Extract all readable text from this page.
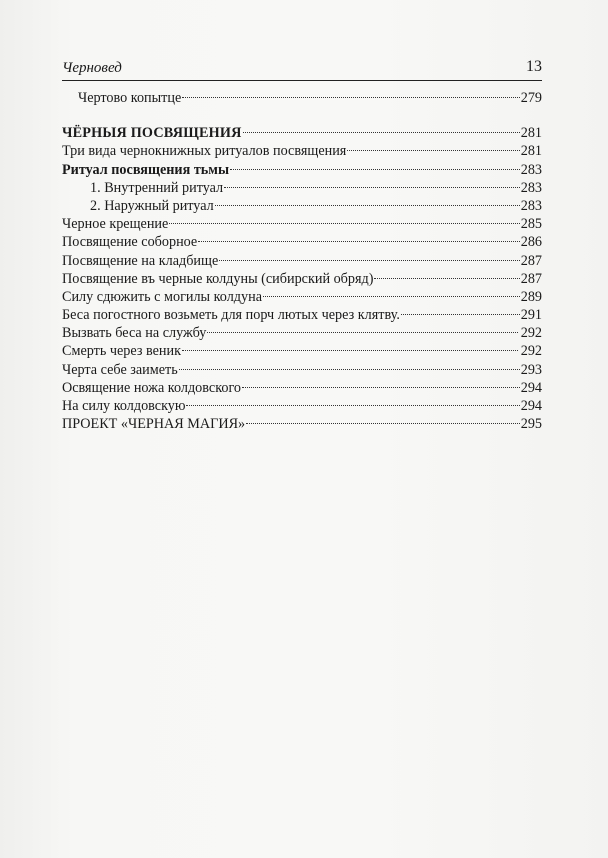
Черновед	13
Чертово копытце	279
ЧЁРНЫЯ ПОСВЯЩЕНИЯ	281
Три вида чернокнижных ритуалов посвящения	281
Ритуал посвящения тьмы	283
1. Внутренний ритуал	283
2. Наружный ритуал	283
Черное крещение	285
Посвящение соборное	286
Посвящение на кладбище	287
Посвящение въ черные колдуны (сибирский обряд)	287
Силу сдюжить с могилы колдуна	289
Беса погостного возьметь для порч лютых через клятву.	291
Вызвать беса на службу	292
Смерть через веник	292
Черта себе заиметь	293
Освящение ножа колдовского	294
На силу колдовскую	294
ПРОЕКТ «ЧЕРНАЯ МАГИЯ»	295
